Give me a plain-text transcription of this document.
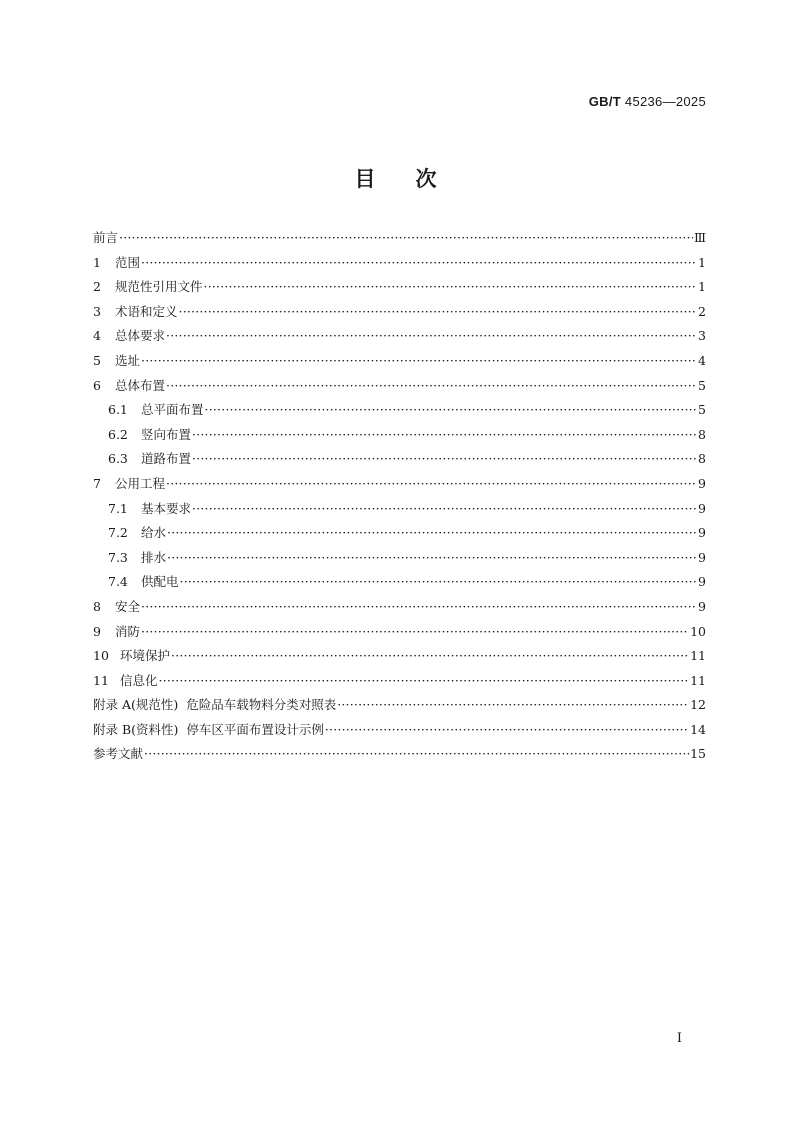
GB/T 45236—2025
目 次
前言 ·····	Ⅲ
1 范围 ·····	1
2 规范性引用文件 ·····	1
3 术语和定义 ·····	2
4 总体要求 ·····	3
5 选址 ·····	4
6 总体布置 ·····	5
6.1 总平面布置 ·····	5
6.2 竖向布置 ·····	8
6.3 道路布置 ·····	8
7 公用工程 ·····	9
7.1 基本要求 ·····	9
7.2 给水 ·····	9
7.3 排水 ·····	9
7.4 供配电 ·····	9
8 安全 ·····	9
9 消防 ·····	10
10 环境保护 ·····	11
11 信息化 ·····	11
附录 A(规范性)  危险品车载物料分类对照表 ·····	12
附录 B(资料性)  停车区平面布置设计示例 ·····	14
参考文献 ·····	15
I
